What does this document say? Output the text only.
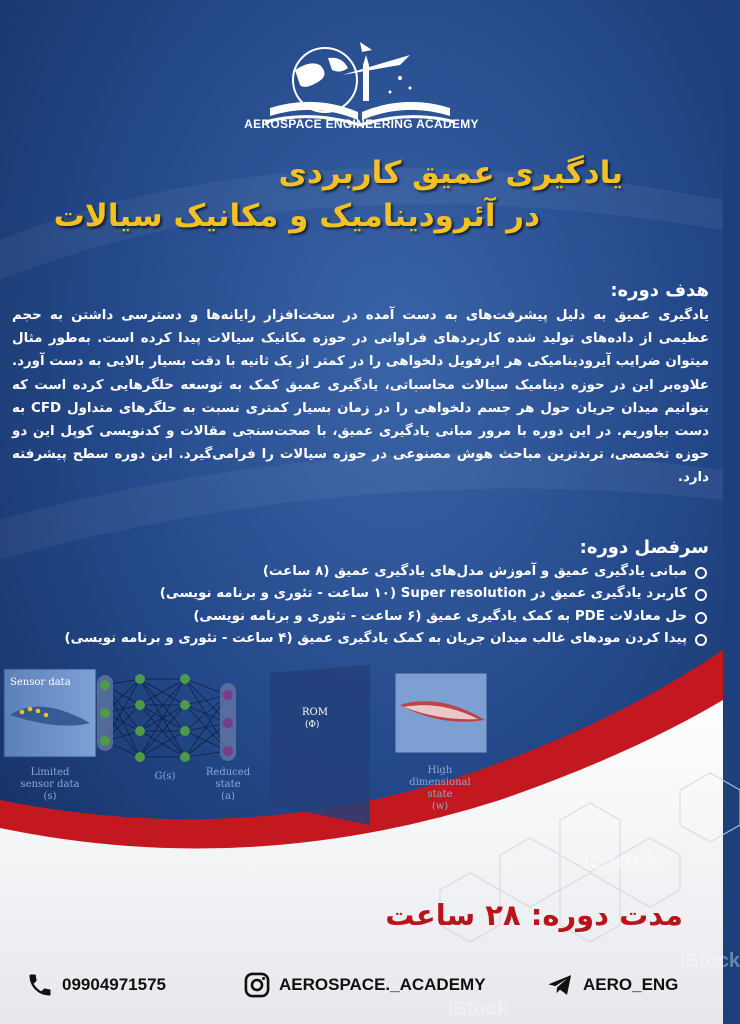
iStock
iStock
iStock
AEROSPACE ENGINEERING ACADEMY
یادگیری عمیق کاربردی
در آئرودینامیک و مکانیک سیالات
هدف دوره:
یادگیری عمیق به دلیل پیشرفت‌های به دست آمده در سخت‌افزار رایانه‌ها و دسترسی داشتن به حجم عظیمی از داده‌های تولید شده کاربردهای فراوانی در حوزه مکانیک سیالات پیدا کرده است. به‌طور مثال میتوان ضرایب آیرودینامیکی هر ایرفویل دلخواهی را در کمتر از یک ثانیه با دقت بسیار بالایی به دست آورد. علاوه‌بر این در حوزه دینامیک سیالات محاسباتی، یادگیری عمیق کمک به توسعه حلگرهایی کرده است که بتوانیم میدان جریان حول هر جسم دلخواهی را در زمان بسیار کمتری نسبت به حلگرهای متداول CFD به دست بیاوریم. در این دوره با مرور مبانی یادگیری عمیق، با صحت‌سنجی مقالات و کدنویسی کوپل این دو حوزه تخصصی، ترندترین مباحث هوش مصنوعی در حوزه سیالات را فرامی‌گیرد. این دوره سطح پیشرفته دارد.
سرفصل دوره:
مبانی یادگیری عمیق و آموزش مدل‌های یادگیری عمیق (۸ ساعت)
کاربرد یادگیری عمیق در Super resolution (۱۰ ساعت - تئوری و برنامه نویسی)
حل معادلات PDE به کمک یادگیری عمیق (۶ ساعت - تئوری و برنامه نویسی)
پیدا کردن مودهای غالب میدان جریان به کمک یادگیری عمیق (۴ ساعت - تئوری و برنامه نویسی)
Sensor data
Limited
sensor data
(s)
G(s)	Reduced
state
(a)
ROM
(Φ)
High
dimensional
state
(w)
مدت دوره: ۲۸ ساعت
09904971575	AEROSPACE._ACADEMY	AERO_ENG
